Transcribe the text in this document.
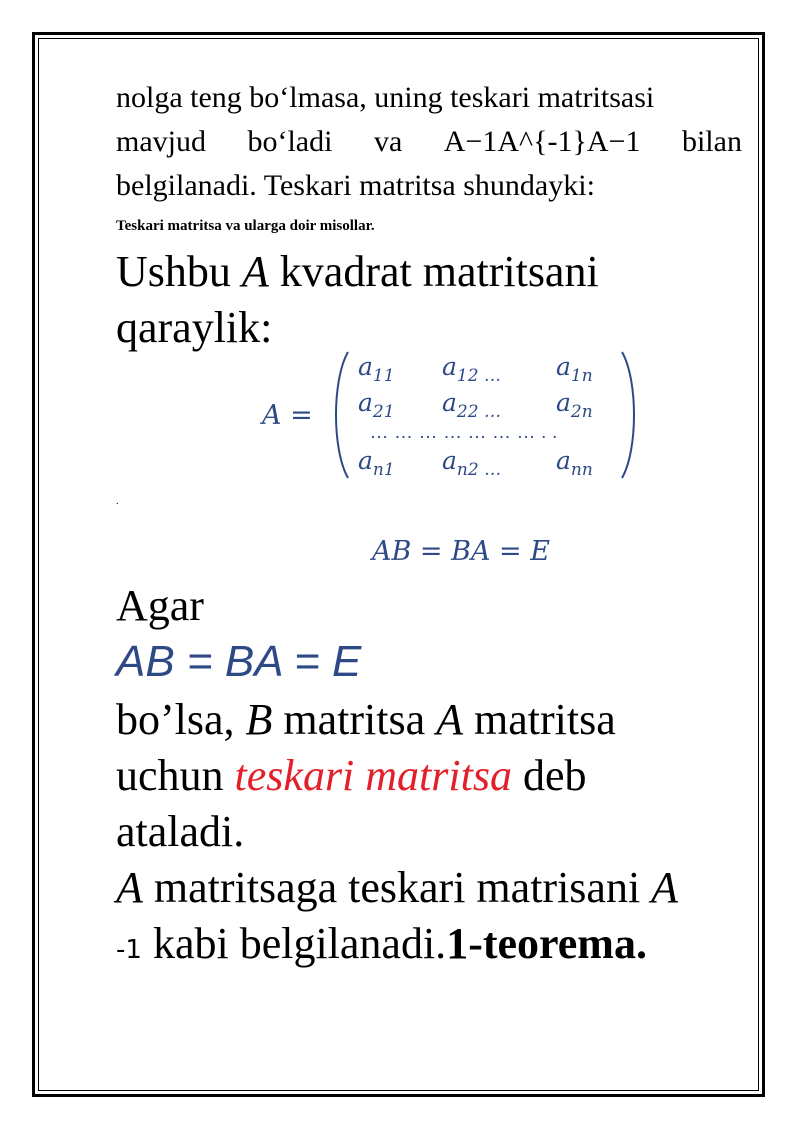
nolga teng bo‘lmasa, uning teskari matritsasi
mavjud bo‘ladi va A−1A^{-1}A−1 bilan
belgilanadi. Teskari matritsa shundayki:
Teskari matritsa va ularga doir misollar.
Ushbu A kvadrat matritsani
qaraylik:
A =
$a_{11}$ $a_{12 \dots}$ $a_{1n}$
$a_{21}$ $a_{22 \dots}$ $a_{2n}$
… … … … … … … . .
$a_{n1}$ $a_{n2 \dots}$ $a_{nn}$
.
AB = BA = E
Agar
AB = BA = E
bo’lsa, B matritsa A matritsa
uchun teskari matritsa deb
ataladi.
A matritsaga teskari matrisani A
-1 kabi belgilanadi.1-teorema.
